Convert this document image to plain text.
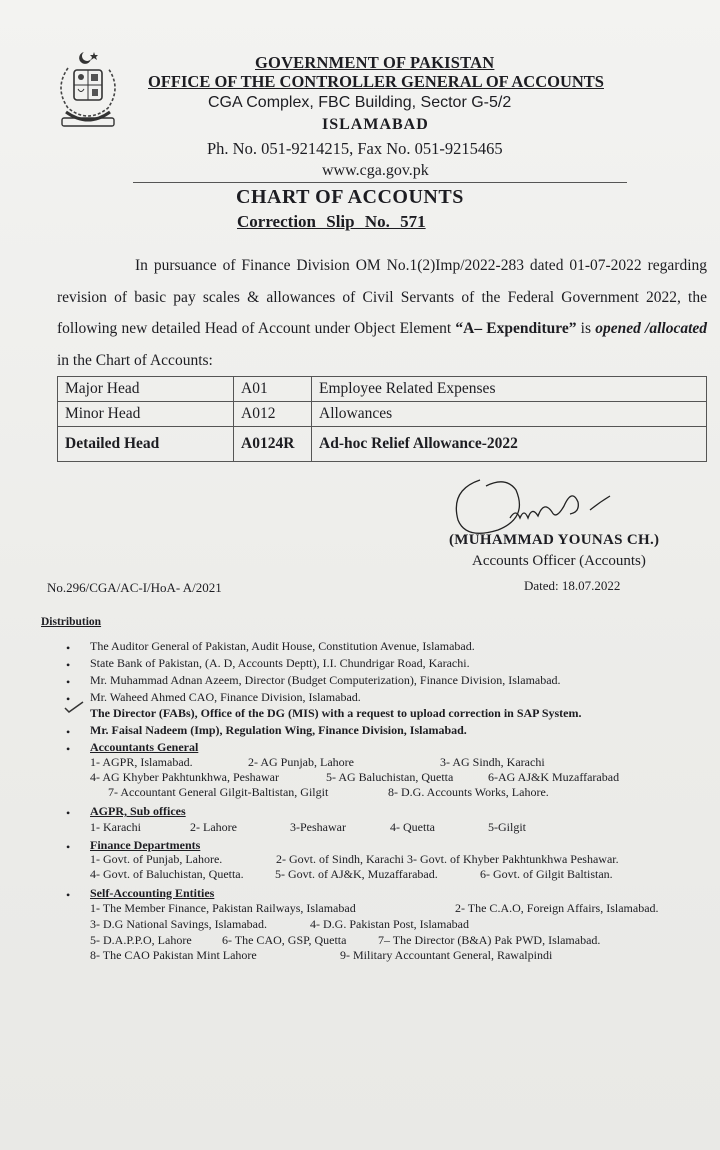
GOVERNMENT OF PAKISTAN
OFFICE OF THE CONTROLLER GENERAL OF ACCOUNTS
CGA Complex, FBC Building, Sector G-5/2
ISLAMABAD
Ph. No. 051-9214215, Fax No. 051-9215465
www.cga.gov.pk
CHART OF ACCOUNTS
Correction Slip No. 571
In pursuance of Finance Division OM No.1(2)Imp/2022-283 dated 01-07-2022 regarding revision of basic pay scales & allowances of Civil Servants of the Federal Government 2022, the following new detailed Head of Account under Object Element “A– Expenditure” is opened /allocated in the Chart of Accounts:
Major Head	A01	Employee Related Expenses
Minor Head	A012	Allowances
Detailed Head	A0124R	Ad-hoc Relief Allowance-2022
(MUHAMMAD YOUNAS CH.)
Accounts Officer (Accounts)
No.296/CGA/AC-I/HoA- A/2021	Dated: 18.07.2022
Distribution
• The Auditor General of Pakistan, Audit House, Constitution Avenue, Islamabad.
• State Bank of Pakistan, (A. D, Accounts Deptt), I.I. Chundrigar Road, Karachi.
• Mr. Muhammad Adnan Azeem, Director (Budget Computerization), Finance Division, Islamabad.
• Mr. Waheed Ahmed CAO, Finance Division, Islamabad.
The Director (FABs), Office of the DG (MIS) with a request to upload correction in SAP System.
• Mr. Faisal Nadeem (Imp), Regulation Wing, Finance Division, Islamabad.
• Accountants General
1- AGPR, Islamabad.	2- AG Punjab, Lahore	3- AG Sindh, Karachi
4- AG Khyber Pakhtunkhwa, Peshawar	5- AG Baluchistan, Quetta	6-AG AJ&K Muzaffarabad
7- Accountant General Gilgit-Baltistan, Gilgit	8- D.G. Accounts Works, Lahore.
• AGPR, Sub offices
1- Karachi	2- Lahore	3-Peshawar	4- Quetta	5-Gilgit
• Finance Departments
1- Govt. of Punjab, Lahore.	2- Govt. of Sindh, Karachi 3- Govt. of Khyber Pakhtunkhwa Peshawar.
4- Govt. of Baluchistan, Quetta.	5- Govt. of AJ&K, Muzaffarabad.	6- Govt. of Gilgit Baltistan.
• Self-Accounting Entities
1- The Member Finance, Pakistan Railways, Islamabad	2- The C.A.O, Foreign Affairs, Islamabad.
3- D.G National Savings, Islamabad.	4- D.G. Pakistan Post, Islamabad
5- D.A.P.P.O, Lahore	6- The CAO, GSP, Quetta	7– The Director (B&A) Pak PWD, Islamabad.
8- The CAO Pakistan Mint Lahore	9- Military Accountant General, Rawalpindi
